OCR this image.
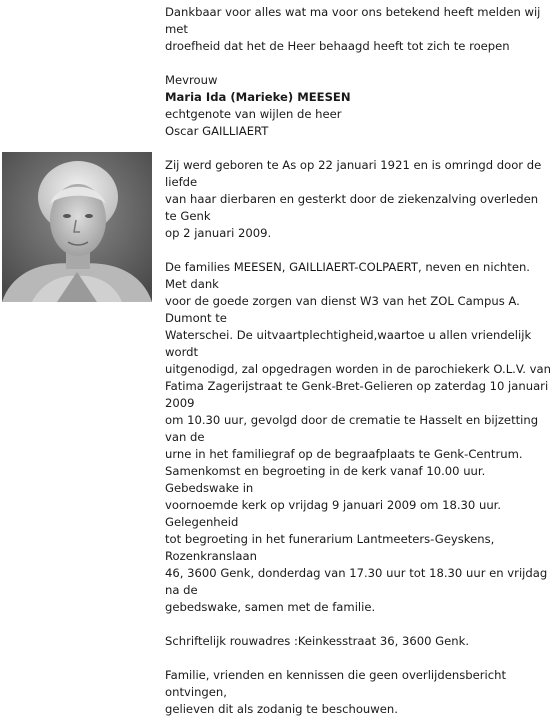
Dankbaar voor alles wat ma voor ons betekend heeft melden wij met

droefheid dat het de Heer behaagd heeft tot zich te roepen

Mevrouw

Maria Ida (Marieke) MEESEN

echtgenote van wijlen de heer

Oscar GAILLIAERT

Zij werd geboren te As op 22 januari 1921 en is omringd door de liefde

van haar dierbaren en gesterkt door de ziekenzalving overleden te Genk

op 2 januari 2009.

De families MEESEN, GAILLIAERT-COLPAERT, neven en nichten. Met dank

voor de goede zorgen van dienst W3 van het ZOL Campus A. Dumont te

Waterschei. De uitvaartplechtigheid,waartoe u allen vriendelijk wordt

uitgenodigd, zal opgedragen worden in de parochiekerk O.L.V. van

Fatima Zagerijstraat te Genk-Bret-Gelieren op zaterdag 10 januari 2009

om 10.30 uur, gevolgd door de crematie te Hasselt en bijzetting van de

urne in het familiegraf op de begraafplaats te Genk-Centrum.

Samenkomst en begroeting in de kerk vanaf 10.00 uur. Gebedswake in

voornoemde kerk op vrijdag 9 januari 2009 om 18.30 uur. Gelegenheid

tot begroeting in het funerarium Lantmeeters-Geyskens, Rozenkranslaan

46, 3600 Genk, donderdag van 17.30 uur tot 18.30 uur en vrijdag na de

gebedswake, samen met de familie.

Schriftelijk rouwadres :Keinkesstraat 36, 3600 Genk.

Familie, vrienden en kennissen die geen overlijdensbericht ontvingen,

gelieven dit als zodanig te beschouwen.
